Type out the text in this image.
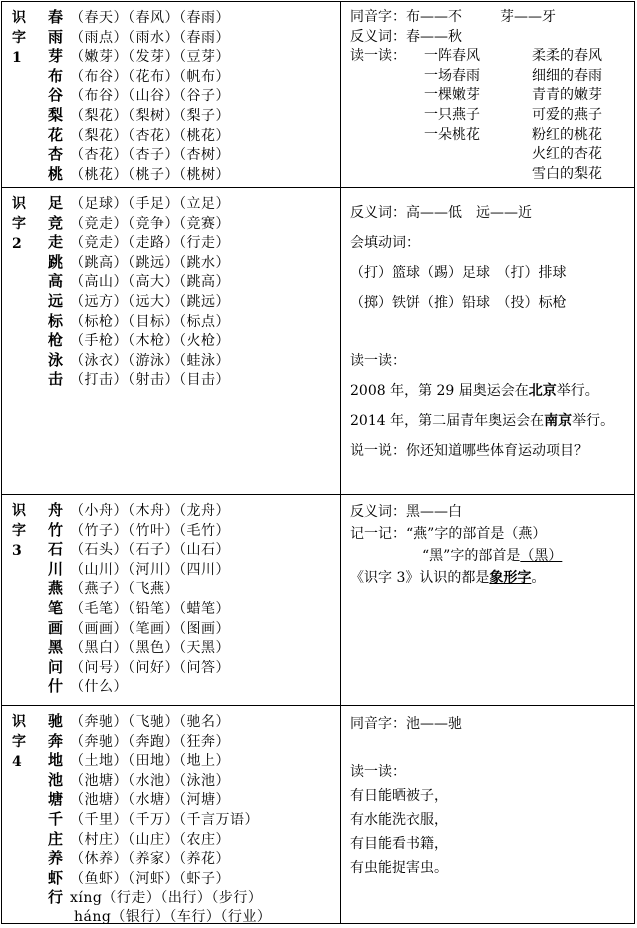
识
字
1
春 （春天）（春风）（春雨）
雨 （雨点）（雨水）（春雨）
芽 （嫩芽）（发芽）（豆芽）
布 （布谷）（花布）（帆布）
谷 （布谷）（山谷）（谷子）
梨 （梨花）（梨树）（梨子）
花 （梨花）（杏花）（桃花）
杏 （杏花）（杏子）（杏树）
桃 （桃花）（桃子）（桃树）
同音字：布——不	芽——牙
反义词：春——秋
读一读： 一阵春风
一场春雨
一棵嫩芽
一只燕子
一朵桃花
柔柔的春风
细细的春雨
青青的嫩芽
可爱的燕子
粉红的桃花
火红的杏花
雪白的梨花
识
字
2
足 （足球）（手足）（立足）
竞 （竞走）（竞争）（竞赛）
走 （竞走）（走路）（行走）
跳 （跳高）（跳远）（跳水）
高 （高山）（高大）（跳高）
远 （远方）（远大）（跳远）
标 （标枪）（目标）（标点）
枪 （手枪）（木枪）（火枪）
泳 （泳衣）（游泳）（蛙泳）
击 （打击）（射击）（目击）
反义词：高——低　远——近
会填动词：
（打）篮球（踢）足球 （打）排球
（掷）铁饼（推）铅球 （投）标枪
读一读：
2008 年，第 29 届奥运会在北京举行。
2014 年，第二届青年奥运会在南京举行。
说一说：你还知道哪些体育运动项目？
识
字
3
舟 （小舟）（木舟）（龙舟）
竹 （竹子）（竹叶）（毛竹）
石 （石头）（石子）（山石）
川 （山川）（河川）（四川）
燕 （燕子）（飞燕）
笔 （毛笔）（铅笔）（蜡笔）
画 （画画）（笔画）（图画）
黑 （黑白）（黑色）（天黑）
问 （问号）（问好）（问答）
什 （什么）
反义词：黑——白
记一记：“燕”字的部首是（燕）
“黑”字的部首是（黑）
《识字 3》认识的都是象形字。
识
字
4
驰 （奔驰）（飞驰）（驰名）
奔 （奔驰）（奔跑）（狂奔）
地 （土地）（田地）（地上）
池 （池塘）（水池）（泳池）
塘 （池塘）（水塘）（河塘）
千 （千里）（千万）（千言万语）
庄 （村庄）（山庄）（农庄）
养 （休养）（养家）（养花）
虾 （鱼虾）（河虾）（虾子）
行 xíng（行走）（出行）（步行）
háng（银行）（车行）（行业）
同音字：池——驰
读一读：
有日能晒被子，
有水能洗衣服，
有目能看书籍，
有虫能捉害虫。
